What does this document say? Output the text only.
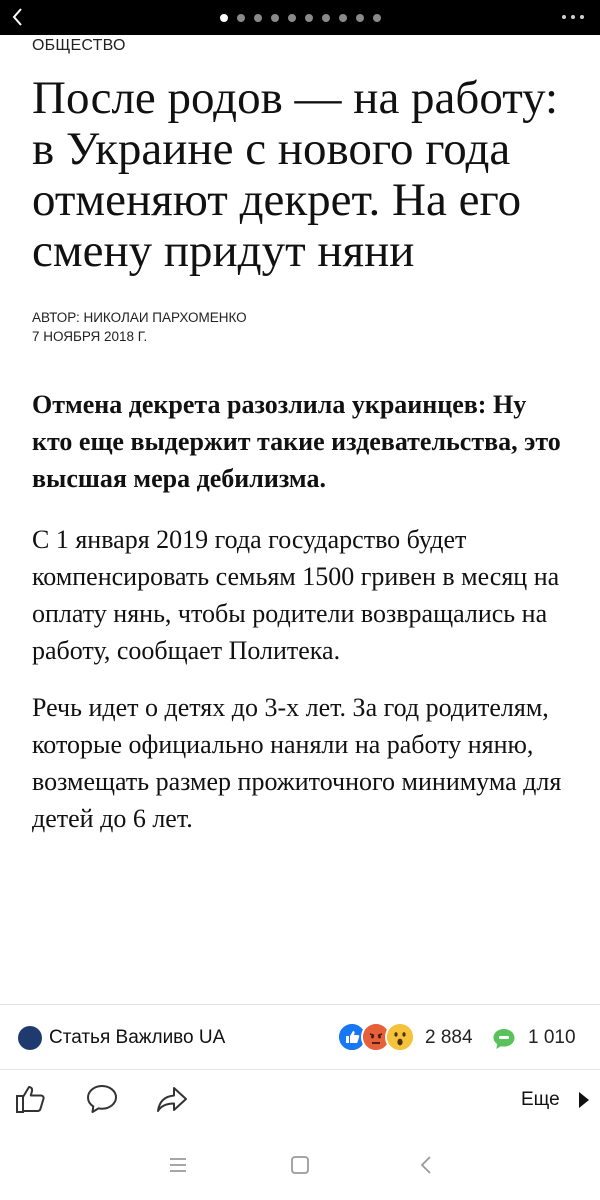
ОБЩЕСТВО
После родов — на работу: в Украине с нового года отменяют декрет. На его смену придут няни
АВТОР: НИКОЛАИ ПАРХОМЕНКО
7 НОЯБРЯ 2018 Г.
Отмена декрета разозлила украинцев: Ну кто еще выдержит такие издевательства, это высшая мера дебилизма.
С 1 января 2019 года государство будет компенсировать семьям 1500 гривен в месяц на оплату нянь, чтобы родители возвращались на работу, сообщает Политека.
Речь идет о детях до 3-х лет. За год родителям, которые официально наняли на работу няню, возмещать размер прожиточного минимума для детей до 6 лет.
Статья Важливо UA	2 884	1 010
Еще
